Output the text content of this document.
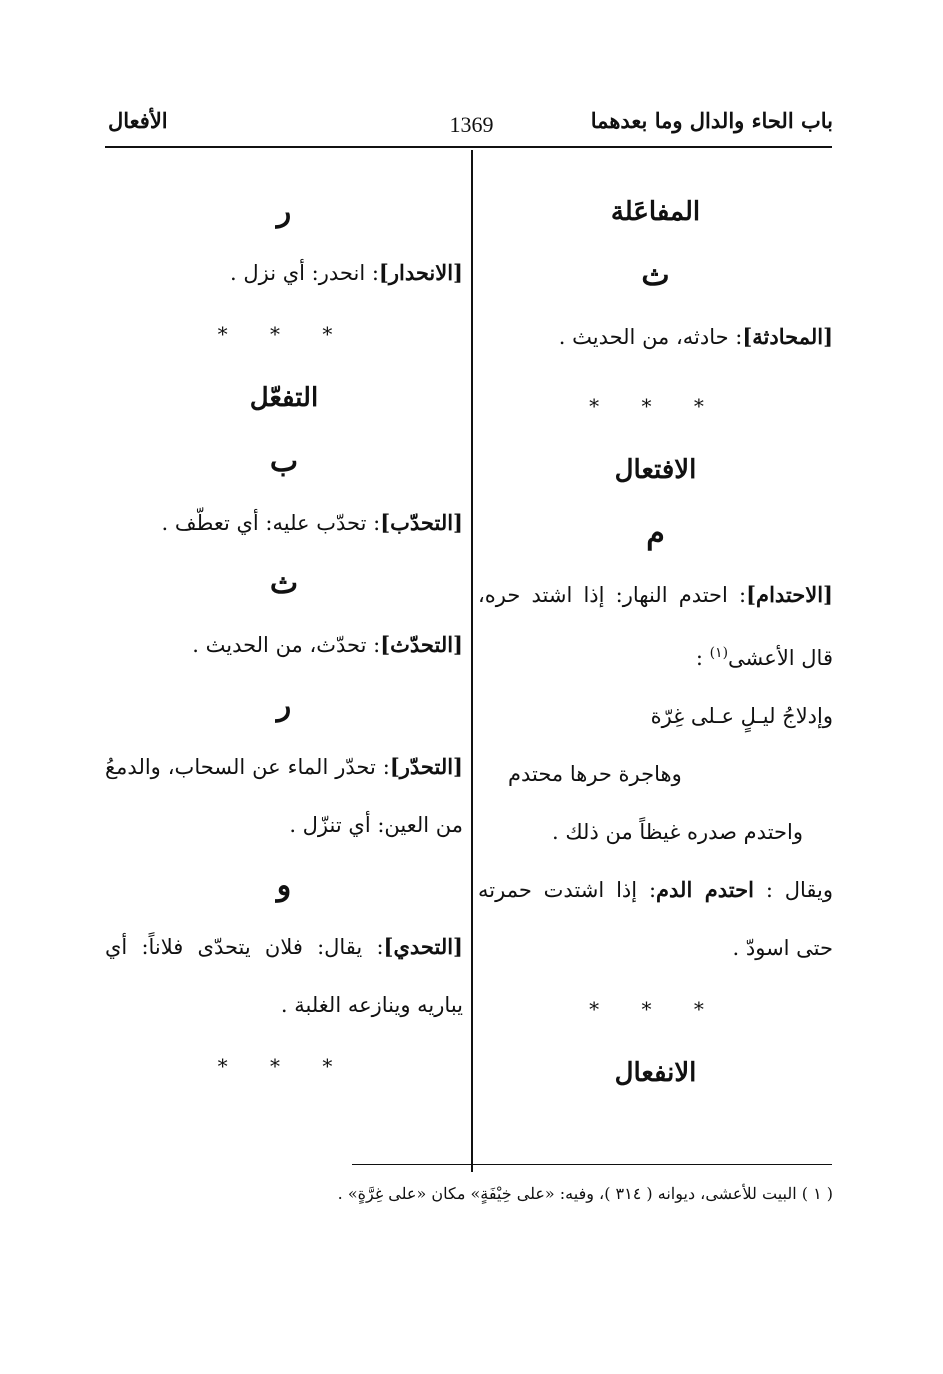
باب الحاء والدال وما بعدهما
1369
الأفعال
المفاعَلة
ث
[المحادثة]: حادثه، من الحديث .
* * *
الافتعال
م
[الاحتدام]: احتدم النهار: إذا اشتد حره، قال الأعشى$^{(١)}$ :
وإدلاجُ ليـلٍ عـلى غِرّة
وهاجرة حرها محتدم
واحتدم صدره غيظاً من ذلك .
ويقال : احتدم الدم: إذا اشتدت حمرته حتى اسودّ .
* * *
الانفعال
ر
[الانحدار]: انحدر: أي نزل .
* * *
التفعّل
ب
[التحدّب]: تحدّب عليه: أي تعطّف .
ث
[التحدّث]: تحدّث، من الحديث .
ر
[التحدّر]: تحدّر الماء عن السحاب، والدمعُ من العين: أي تنزّل .
و
[التحدي]: يقال: فلان يتحدّى فلاناً: أي يباريه وينازعه الغلبة .
* * *
( ١ ) البيت للأعشى، ديوانه ( ٣١٤ )، وفيه: «على خِيْفَةٍ» مكان «على غِرَّةٍ» .
